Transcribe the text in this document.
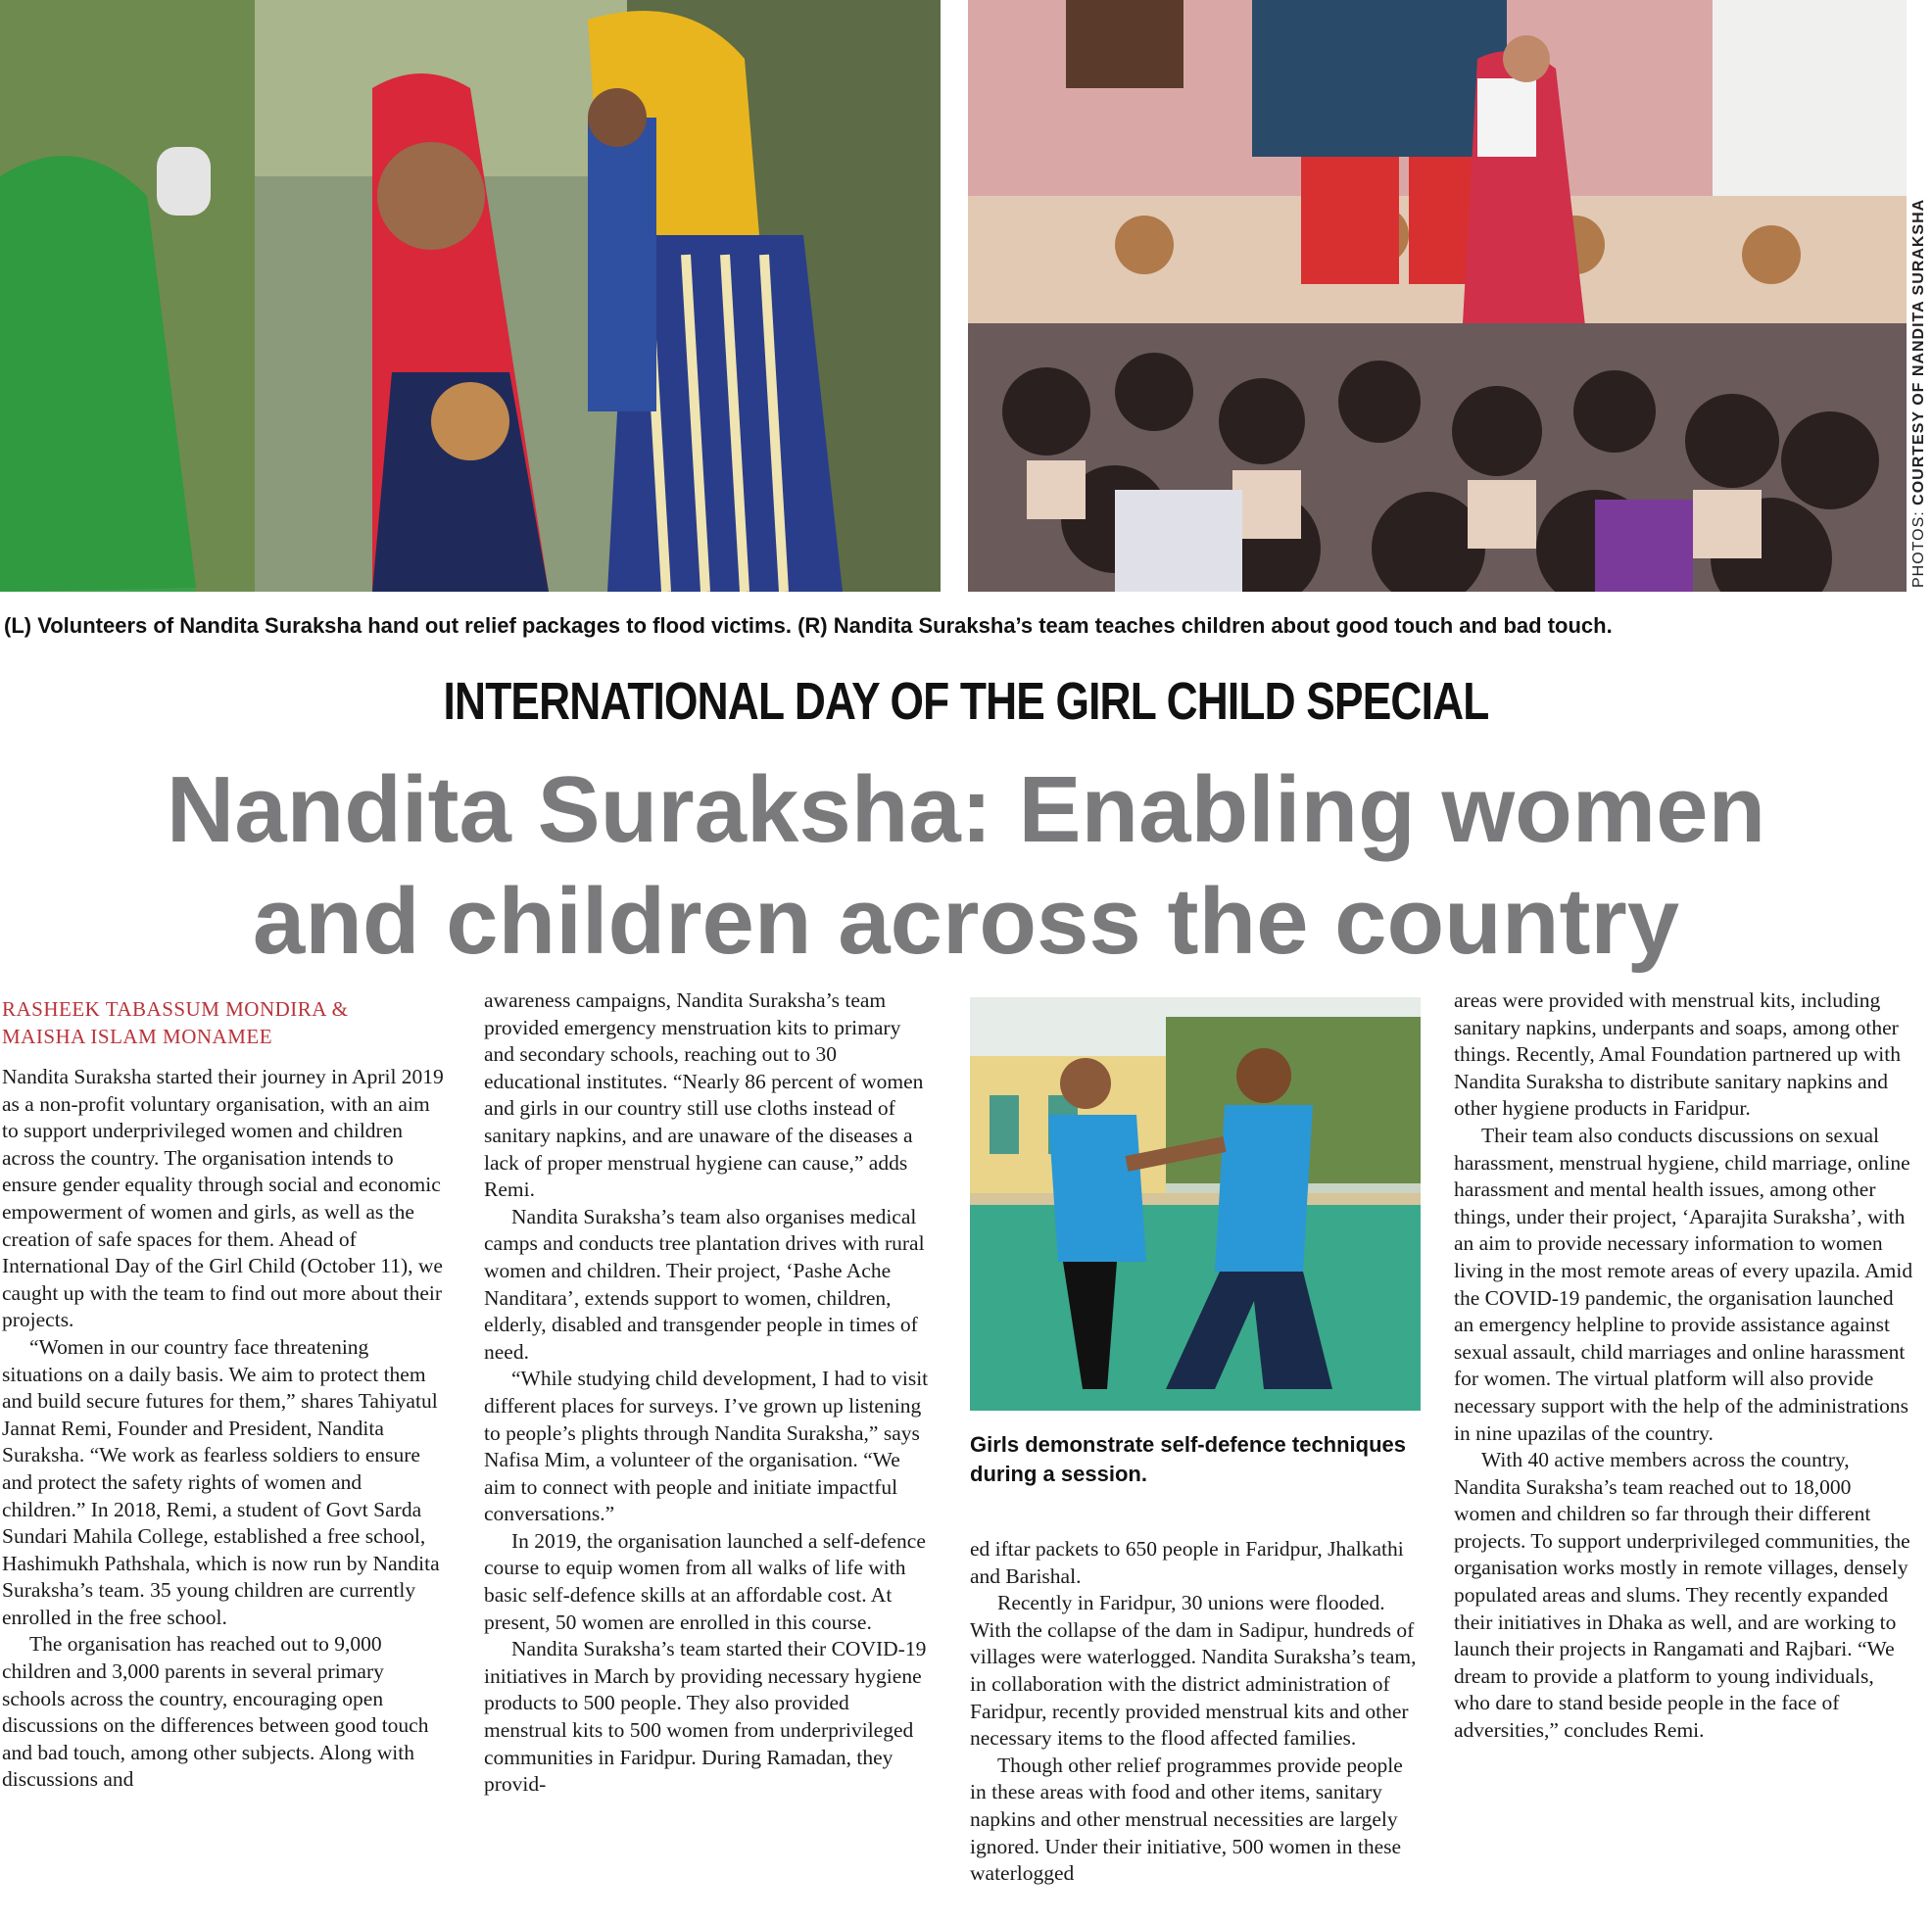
PHOTOS: COURTESY OF NANDITA SURAKSHA
(L) Volunteers of Nandita Suraksha hand out relief packages to flood victims. (R) Nandita Suraksha’s team teaches children about good touch and bad touch.
INTERNATIONAL DAY OF THE GIRL CHILD SPECIAL
Nandita Suraksha: Enabling women
and children across the country
RASHEEK TABASSUM MONDIRA &
MAISHA ISLAM MONAMEE

Nandita Suraksha started their journey in April 2019 as a non-profit voluntary organisation, with an aim to support underprivileged women and children across the country. The organisation intends to ensure gender equality through social and economic empowerment of women and girls, as well as the creation of safe spaces for them. Ahead of International Day of the Girl Child (October 11), we caught up with the team to find out more about their projects.

“Women in our country face threatening situations on a daily basis. We aim to protect them and build secure futures for them,” shares Tahiyatul Jannat Remi, Founder and President, Nandita Suraksha. “We work as fearless soldiers to ensure and protect the safety rights of women and children.” In 2018, Remi, a student of Govt Sarda Sundari Mahila College, established a free school, Hashimukh Pathshala, which is now run by Nandita Suraksha’s team. 35 young children are currently enrolled in the free school.

The organisation has reached out to 9,000 children and 3,000 parents in several primary schools across the country, encouraging open discussions on the differences between good touch and bad touch, among other subjects. Along with discussions and

awareness campaigns, Nandita Suraksha’s team provided emergency menstruation kits to primary and secondary schools, reaching out to 30 educational institutes. “Nearly 86 percent of women and girls in our country still use cloths instead of sanitary napkins, and are unaware of the diseases a lack of proper menstrual hygiene can cause,” adds Remi.

Nandita Suraksha’s team also organises medical camps and conducts tree plantation drives with rural women and children. Their project, ‘Pashe Ache Nanditara’, extends support to women, children, elderly, disabled and transgender people in times of need.

“While studying child development, I had to visit different places for surveys. I’ve grown up listening to people’s plights through Nandita Suraksha,” says Nafisa Mim, a volunteer of the organisation. “We aim to connect with people and initiate impactful conversations.”

In 2019, the organisation launched a self-defence course to equip women from all walks of life with basic self-defence skills at an affordable cost. At present, 50 women are enrolled in this course.

Nandita Suraksha’s team started their COVID-19 initiatives in March by providing necessary hygiene products to 500 people. They also provided menstrual kits to 500 women from underprivileged communities in Faridpur. During Ramadan, they provid-

Girls demonstrate self-defence techniques during a session.

ed iftar packets to 650 people in Faridpur, Jhalkathi and Barishal.

Recently in Faridpur, 30 unions were flooded. With the collapse of the dam in Sadipur, hundreds of villages were waterlogged. Nandita Suraksha’s team, in collaboration with the district administration of Faridpur, recently provided menstrual kits and other necessary items to the flood affected families.

Though other relief programmes provide people in these areas with food and other items, sanitary napkins and other menstrual necessities are largely ignored. Under their initiative, 500 women in these waterlogged

areas were provided with menstrual kits, including sanitary napkins, underpants and soaps, among other things. Recently, Amal Foundation partnered up with Nandita Suraksha to distribute sanitary napkins and other hygiene products in Faridpur.

Their team also conducts discussions on sexual harassment, menstrual hygiene, child marriage, online harassment and mental health issues, among other things, under their project, ‘Aparajita Suraksha’, with an aim to provide necessary information to women living in the most remote areas of every upazila. Amid the COVID-19 pandemic, the organisation launched an emergency helpline to provide assistance against sexual assault, child marriages and online harassment for women. The virtual platform will also provide necessary support with the help of the administrations in nine upazilas of the country.

With 40 active members across the country, Nandita Suraksha’s team reached out to 18,000 women and children so far through their different projects. To support underprivileged communities, the organisation works mostly in remote villages, densely populated areas and slums. They recently expanded their initiatives in Dhaka as well, and are working to launch their projects in Rangamati and Rajbari. “We dream to provide a platform to young individuals, who dare to stand beside people in the face of adversities,” concludes Remi.
